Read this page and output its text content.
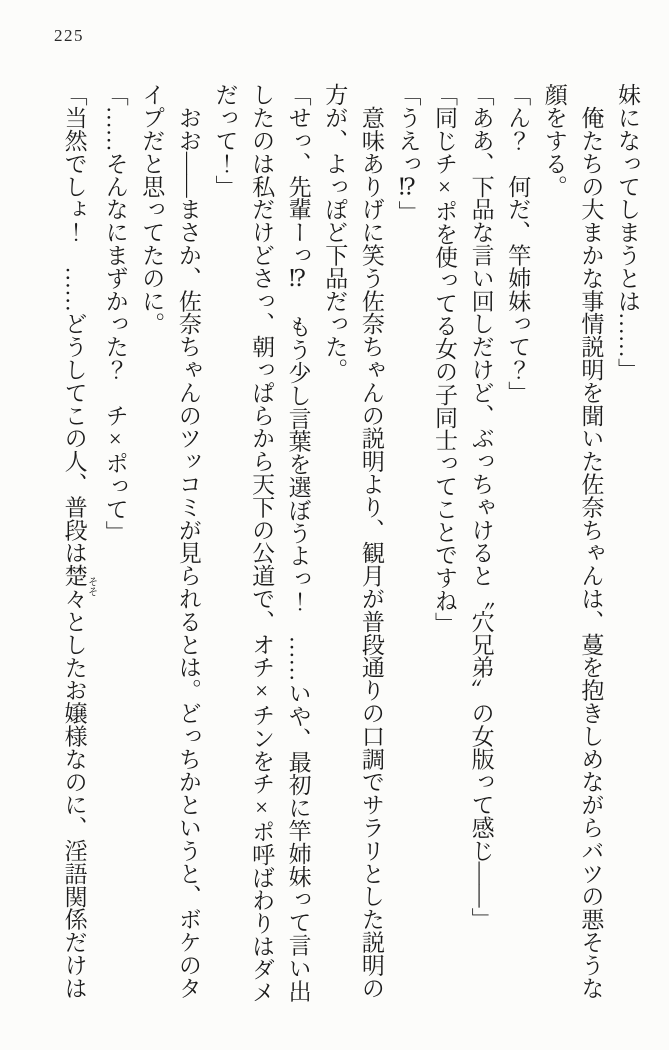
225
妹になってしまうとは……」
　俺たちの大まかな事情説明を聞いた佐奈ちゃんは、蔓を抱きしめながらバツの悪そうな
顔をする。
「ん？　何だ、竿姉妹って？」
「ああ、下品な言い回しだけど、ぶっちゃけると〝穴兄弟〞の女版って感じ――」
「同じチ×ポを使ってる女の子同士ってことですね」
「うえっ⁉」
　意味ありげに笑う佐奈ちゃんの説明より、観月が普段通りの口調でサラリとした説明の
方が、よっぽど下品だった。
「せっ、先輩ーっ⁉　もう少し言葉を選ぼうよっ！　……いや、最初に竿姉妹って言い出
したのは私だけどさっ、朝っぱらから天下の公道で、オチ×チンをチ×ポ呼ばわりはダメ
だって！」
　おお――まさか、佐奈ちゃんのツッコミが見られるとは。どっちかというと、ボケのタ
イプだと思ってたのに。
「……そんなにまずかった？　チ×ポって」
「当然でしょ！　……どうしてこの人、普段は楚々 そそとしたお嬢様なのに、淫語関係だけは
